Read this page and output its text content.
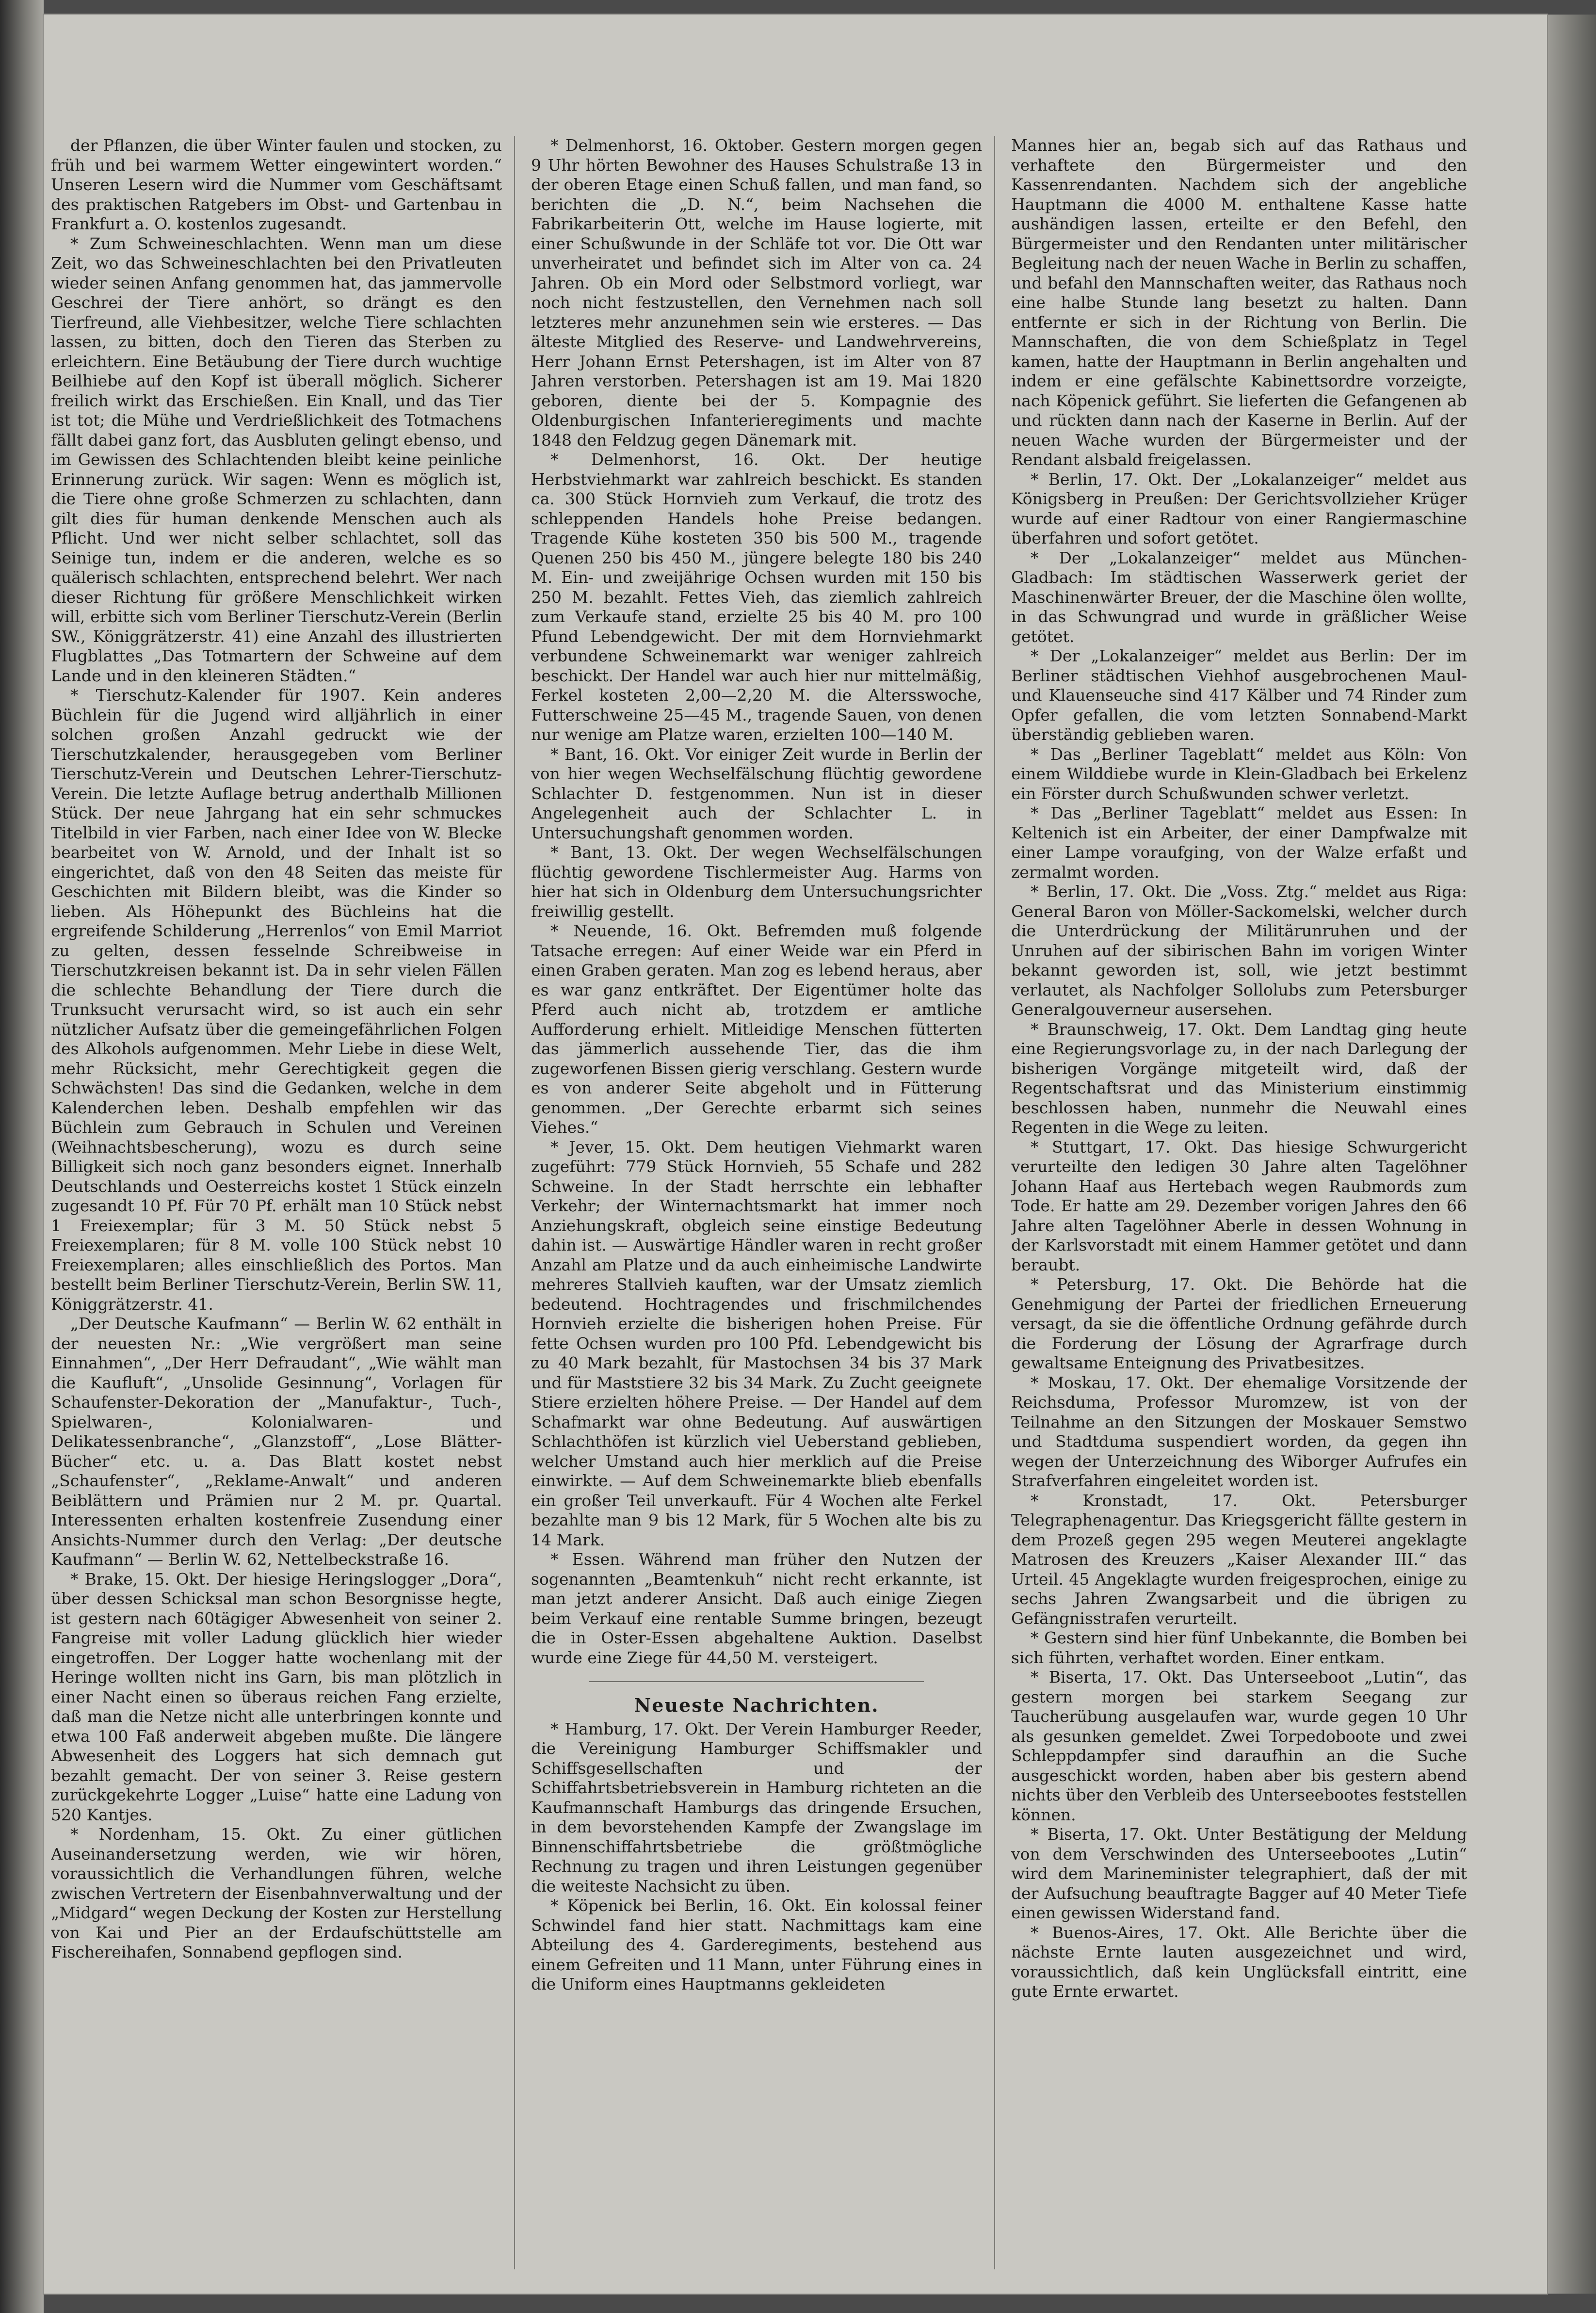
der Pflanzen, die über Winter faulen und stocken, zu früh und bei warmem Wetter eingewintert worden.“ Unseren Lesern wird die Nummer vom Geschäftsamt des praktischen Ratgebers im Obst- und Gartenbau in Frankfurt a. O. kostenlos zugesandt.

* Zum Schweineschlachten. Wenn man um diese Zeit, wo das Schweineschlachten bei den Privatleuten wieder seinen Anfang genommen hat, das jammervolle Geschrei der Tiere anhört, so drängt es den Tierfreund, alle Viehbesitzer, welche Tiere schlachten lassen, zu bitten, doch den Tieren das Sterben zu erleichtern. Eine Betäubung der Tiere durch wuchtige Beilhiebe auf den Kopf ist überall möglich. Sicherer freilich wirkt das Erschießen. Ein Knall, und das Tier ist tot; die Mühe und Verdrießlichkeit des Totmachens fällt dabei ganz fort, das Ausbluten gelingt ebenso, und im Gewissen des Schlachtenden bleibt keine peinliche Erinnerung zurück. Wir sagen: Wenn es möglich ist, die Tiere ohne große Schmerzen zu schlachten, dann gilt dies für human denkende Menschen auch als Pflicht. Und wer nicht selber schlachtet, soll das Seinige tun, indem er die anderen, welche es so quälerisch schlachten, entsprechend belehrt. Wer nach dieser Richtung für größere Menschlichkeit wirken will, erbitte sich vom Berliner Tierschutz-Verein (Berlin SW., Königgrätzerstr. 41) eine Anzahl des illustrierten Flugblattes „Das Totmartern der Schweine auf dem Lande und in den kleineren Städten.“

* Tierschutz-Kalender für 1907. Kein anderes Büchlein für die Jugend wird alljährlich in einer solchen großen Anzahl gedruckt wie der Tierschutzkalender, herausgegeben vom Berliner Tierschutz-Verein und Deutschen Lehrer-Tierschutz-Verein. Die letzte Auflage betrug anderthalb Millionen Stück. Der neue Jahrgang hat ein sehr schmuckes Titelbild in vier Farben, nach einer Idee von W. Blecke bearbeitet von W. Arnold, und der Inhalt ist so eingerichtet, daß von den 48 Seiten das meiste für Geschichten mit Bildern bleibt, was die Kinder so lieben. Als Höhepunkt des Büchleins hat die ergreifende Schilderung „Herrenlos“ von Emil Marriot zu gelten, dessen fesselnde Schreibweise in Tierschutzkreisen bekannt ist. Da in sehr vielen Fällen die schlechte Behandlung der Tiere durch die Trunksucht verursacht wird, so ist auch ein sehr nützlicher Aufsatz über die gemeingefährlichen Folgen des Alkohols aufgenommen. Mehr Liebe in diese Welt, mehr Rücksicht, mehr Gerechtigkeit gegen die Schwächsten! Das sind die Gedanken, welche in dem Kalenderchen leben. Deshalb empfehlen wir das Büchlein zum Gebrauch in Schulen und Vereinen (Weihnachtsbescherung), wozu es durch seine Billigkeit sich noch ganz besonders eignet. Innerhalb Deutschlands und Oesterreichs kostet 1 Stück einzeln zugesandt 10 Pf. Für 70 Pf. erhält man 10 Stück nebst 1 Freiexemplar; für 3 M. 50 Stück nebst 5 Freiexemplaren; für 8 M. volle 100 Stück nebst 10 Freiexemplaren; alles einschließlich des Portos. Man bestellt beim Berliner Tierschutz-Verein, Berlin SW. 11, Königgrätzerstr. 41.

„Der Deutsche Kaufmann“ — Berlin W. 62 enthält in der neuesten Nr.: „Wie vergrößert man seine Einnahmen“, „Der Herr Defraudant“, „Wie wählt man die Kaufluft“, „Unsolide Gesinnung“, Vorlagen für Schaufenster-Dekoration der „Manufaktur-, Tuch-, Spielwaren-, Kolonialwaren- und Delikatessenbranche“, „Glanzstoff“, „Lose Blätter-Bücher“ etc. u. a. Das Blatt kostet nebst „Schaufenster“, „Reklame-Anwalt“ und anderen Beiblättern und Prämien nur 2 M. pr. Quartal. Interessenten erhalten kostenfreie Zusendung einer Ansichts-Nummer durch den Verlag: „Der deutsche Kaufmann“ — Berlin W. 62, Nettelbeckstraße 16.

* Brake, 15. Okt. Der hiesige Heringslogger „Dora“, über dessen Schicksal man schon Besorgnisse hegte, ist gestern nach 60tägiger Abwesenheit von seiner 2. Fangreise mit voller Ladung glücklich hier wieder eingetroffen. Der Logger hatte wochenlang mit der Heringe wollten nicht ins Garn, bis man plötzlich in einer Nacht einen so überaus reichen Fang erzielte, daß man die Netze nicht alle unterbringen konnte und etwa 100 Faß anderweit abgeben mußte. Die längere Abwesenheit des Loggers hat sich demnach gut bezahlt gemacht. Der von seiner 3. Reise gestern zurückgekehrte Logger „Luise“ hatte eine Ladung von 520 Kantjes.

* Nordenham, 15. Okt. Zu einer gütlichen Auseinandersetzung werden, wie wir hören, voraussichtlich die Verhandlungen führen, welche zwischen Vertretern der Eisenbahnverwaltung und der „Midgard“ wegen Deckung der Kosten zur Herstellung von Kai und Pier an der Erdaufschüttstelle am Fischereihafen, Sonnabend gepflogen sind.

* Delmenhorst, 16. Oktober. Gestern morgen gegen 9 Uhr hörten Bewohner des Hauses Schulstraße 13 in der oberen Etage einen Schuß fallen, und man fand, so berichten die „D. N.“, beim Nachsehen die Fabrikarbeiterin Ott, welche im Hause logierte, mit einer Schußwunde in der Schläfe tot vor. Die Ott war unverheiratet und befindet sich im Alter von ca. 24 Jahren. Ob ein Mord oder Selbstmord vorliegt, war noch nicht festzustellen, den Vernehmen nach soll letzteres mehr anzunehmen sein wie ersteres. — Das älteste Mitglied des Reserve- und Landwehrvereins, Herr Johann Ernst Petershagen, ist im Alter von 87 Jahren verstorben. Petershagen ist am 19. Mai 1820 geboren, diente bei der 5. Kompagnie des Oldenburgischen Infanterieregiments und machte 1848 den Feldzug gegen Dänemark mit.

* Delmenhorst, 16. Okt. Der heutige Herbstviehmarkt war zahlreich beschickt. Es standen ca. 300 Stück Hornvieh zum Verkauf, die trotz des schleppenden Handels hohe Preise bedangen. Tragende Kühe kosteten 350 bis 500 M., tragende Quenen 250 bis 450 M., jüngere belegte 180 bis 240 M. Ein- und zweijährige Ochsen wurden mit 150 bis 250 M. bezahlt. Fettes Vieh, das ziemlich zahlreich zum Verkaufe stand, erzielte 25 bis 40 M. pro 100 Pfund Lebendgewicht. Der mit dem Hornviehmarkt verbundene Schweinemarkt war weniger zahlreich beschickt. Der Handel war auch hier nur mittelmäßig, Ferkel kosteten 2,00—2,20 M. die Altersswoche, Futterschweine 25—45 M., tragende Sauen, von denen nur wenige am Platze waren, erzielten 100—140 M.

* Bant, 16. Okt. Vor einiger Zeit wurde in Berlin der von hier wegen Wechselfälschung flüchtig gewordene Schlachter D. festgenommen. Nun ist in dieser Angelegenheit auch der Schlachter L. in Untersuchungshaft genommen worden.

* Bant, 13. Okt. Der wegen Wechselfälschungen flüchtig gewordene Tischlermeister Aug. Harms von hier hat sich in Oldenburg dem Untersuchungsrichter freiwillig gestellt.

* Neuende, 16. Okt. Befremden muß folgende Tatsache erregen: Auf einer Weide war ein Pferd in einen Graben geraten. Man zog es lebend heraus, aber es war ganz entkräftet. Der Eigentümer holte das Pferd auch nicht ab, trotzdem er amtliche Aufforderung erhielt. Mitleidige Menschen fütterten das jämmerlich aussehende Tier, das die ihm zugeworfenen Bissen gierig verschlang. Gestern wurde es von anderer Seite abgeholt und in Fütterung genommen. „Der Gerechte erbarmt sich seines Viehes.“

* Jever, 15. Okt. Dem heutigen Viehmarkt waren zugeführt: 779 Stück Hornvieh, 55 Schafe und 282 Schweine. In der Stadt herrschte ein lebhafter Verkehr; der Winternachtsmarkt hat immer noch Anziehungskraft, obgleich seine einstige Bedeutung dahin ist. — Auswärtige Händler waren in recht großer Anzahl am Platze und da auch einheimische Landwirte mehreres Stallvieh kauften, war der Umsatz ziemlich bedeutend. Hochtragendes und frischmilchendes Hornvieh erzielte die bisherigen hohen Preise. Für fette Ochsen wurden pro 100 Pfd. Lebendgewicht bis zu 40 Mark bezahlt, für Mastochsen 34 bis 37 Mark und für Maststiere 32 bis 34 Mark. Zu Zucht geeignete Stiere erzielten höhere Preise. — Der Handel auf dem Schafmarkt war ohne Bedeutung. Auf auswärtigen Schlachthöfen ist kürzlich viel Ueberstand geblieben, welcher Umstand auch hier merklich auf die Preise einwirkte. — Auf dem Schweinemarkte blieb ebenfalls ein großer Teil unverkauft. Für 4 Wochen alte Ferkel bezahlte man 9 bis 12 Mark, für 5 Wochen alte bis zu 14 Mark.

* Essen. Während man früher den Nutzen der sogenannten „Beamtenkuh“ nicht recht erkannte, ist man jetzt anderer Ansicht. Daß auch einige Ziegen beim Verkauf eine rentable Summe bringen, bezeugt die in Oster-Essen abgehaltene Auktion. Daselbst wurde eine Ziege für 44,50 M. versteigert.

Neueste Nachrichten.

* Hamburg, 17. Okt. Der Verein Hamburger Reeder, die Vereinigung Hamburger Schiffsmakler und Schiffsgesellschaften und der Schiffahrtsbetriebsverein in Hamburg richteten an die Kaufmannschaft Hamburgs das dringende Ersuchen, in dem bevorstehenden Kampfe der Zwangslage im Binnenschiffahrtsbetriebe die größtmögliche Rechnung zu tragen und ihren Leistungen gegenüber die weiteste Nachsicht zu üben.

* Köpenick bei Berlin, 16. Okt. Ein kolossal feiner Schwindel fand hier statt. Nachmittags kam eine Abteilung des 4. Garderegiments, bestehend aus einem Gefreiten und 11 Mann, unter Führung eines in die Uniform eines Hauptmanns gekleideten

Mannes hier an, begab sich auf das Rathaus und verhaftete den Bürgermeister und den Kassenrendanten. Nachdem sich der angebliche Hauptmann die 4000 M. enthaltene Kasse hatte aushändigen lassen, erteilte er den Befehl, den Bürgermeister und den Rendanten unter militärischer Begleitung nach der neuen Wache in Berlin zu schaffen, und befahl den Mannschaften weiter, das Rathaus noch eine halbe Stunde lang besetzt zu halten. Dann entfernte er sich in der Richtung von Berlin. Die Mannschaften, die von dem Schießplatz in Tegel kamen, hatte der Hauptmann in Berlin angehalten und indem er eine gefälschte Kabinettsordre vorzeigte, nach Köpenick geführt. Sie lieferten die Gefangenen ab und rückten dann nach der Kaserne in Berlin. Auf der neuen Wache wurden der Bürgermeister und der Rendant alsbald freigelassen.

* Berlin, 17. Okt. Der „Lokalanzeiger“ meldet aus Königsberg in Preußen: Der Gerichtsvollzieher Krüger wurde auf einer Radtour von einer Rangiermaschine überfahren und sofort getötet.

* Der „Lokalanzeiger“ meldet aus München-Gladbach: Im städtischen Wasserwerk geriet der Maschinenwärter Breuer, der die Maschine ölen wollte, in das Schwungrad und wurde in gräßlicher Weise getötet.

* Der „Lokalanzeiger“ meldet aus Berlin: Der im Berliner städtischen Viehhof ausgebrochenen Maul- und Klauenseuche sind 417 Kälber und 74 Rinder zum Opfer gefallen, die vom letzten Sonnabend-Markt überständig geblieben waren.

* Das „Berliner Tageblatt“ meldet aus Köln: Von einem Wilddiebe wurde in Klein-Gladbach bei Erkelenz ein Förster durch Schußwunden schwer verletzt.

* Das „Berliner Tageblatt“ meldet aus Essen: In Keltenich ist ein Arbeiter, der einer Dampfwalze mit einer Lampe voraufging, von der Walze erfaßt und zermalmt worden.

* Berlin, 17. Okt. Die „Voss. Ztg.“ meldet aus Riga: General Baron von Möller-Sackomelski, welcher durch die Unterdrückung der Militärunruhen und der Unruhen auf der sibirischen Bahn im vorigen Winter bekannt geworden ist, soll, wie jetzt bestimmt verlautet, als Nachfolger Sollolubs zum Petersburger Generalgouverneur ausersehen.

* Braunschweig, 17. Okt. Dem Landtag ging heute eine Regierungsvorlage zu, in der nach Darlegung der bisherigen Vorgänge mitgeteilt wird, daß der Regentschaftsrat und das Ministerium einstimmig beschlossen haben, nunmehr die Neuwahl eines Regenten in die Wege zu leiten.

* Stuttgart, 17. Okt. Das hiesige Schwurgericht verurteilte den ledigen 30 Jahre alten Tagelöhner Johann Haaf aus Hertebach wegen Raubmords zum Tode. Er hatte am 29. Dezember vorigen Jahres den 66 Jahre alten Tagelöhner Aberle in dessen Wohnung in der Karlsvorstadt mit einem Hammer getötet und dann beraubt.

* Petersburg, 17. Okt. Die Behörde hat die Genehmigung der Partei der friedlichen Erneuerung versagt, da sie die öffentliche Ordnung gefährde durch die Forderung der Lösung der Agrarfrage durch gewaltsame Enteignung des Privatbesitzes.

* Moskau, 17. Okt. Der ehemalige Vorsitzende der Reichsduma, Professor Muromzew, ist von der Teilnahme an den Sitzungen der Moskauer Semstwo und Stadtduma suspendiert worden, da gegen ihn wegen der Unterzeichnung des Wiborger Aufrufes ein Strafverfahren eingeleitet worden ist.

* Kronstadt, 17. Okt. Petersburger Telegraphenagentur. Das Kriegsgericht fällte gestern in dem Prozeß gegen 295 wegen Meuterei angeklagte Matrosen des Kreuzers „Kaiser Alexander III.“ das Urteil. 45 Angeklagte wurden freigesprochen, einige zu sechs Jahren Zwangsarbeit und die übrigen zu Gefängnisstrafen verurteilt.

* Gestern sind hier fünf Unbekannte, die Bomben bei sich führten, verhaftet worden. Einer entkam.

* Biserta, 17. Okt. Das Unterseeboot „Lutin“, das gestern morgen bei starkem Seegang zur Taucherübung ausgelaufen war, wurde gegen 10 Uhr als gesunken gemeldet. Zwei Torpedoboote und zwei Schleppdampfer sind daraufhin an die Suche ausgeschickt worden, haben aber bis gestern abend nichts über den Verbleib des Unterseebootes feststellen können.

* Biserta, 17. Okt. Unter Bestätigung der Meldung von dem Verschwinden des Unterseebootes „Lutin“ wird dem Marineminister telegraphiert, daß der mit der Aufsuchung beauftragte Bagger auf 40 Meter Tiefe einen gewissen Widerstand fand.

* Buenos-Aires, 17. Okt. Alle Berichte über die nächste Ernte lauten ausgezeichnet und wird, voraussichtlich, daß kein Unglücksfall eintritt, eine gute Ernte erwartet.
